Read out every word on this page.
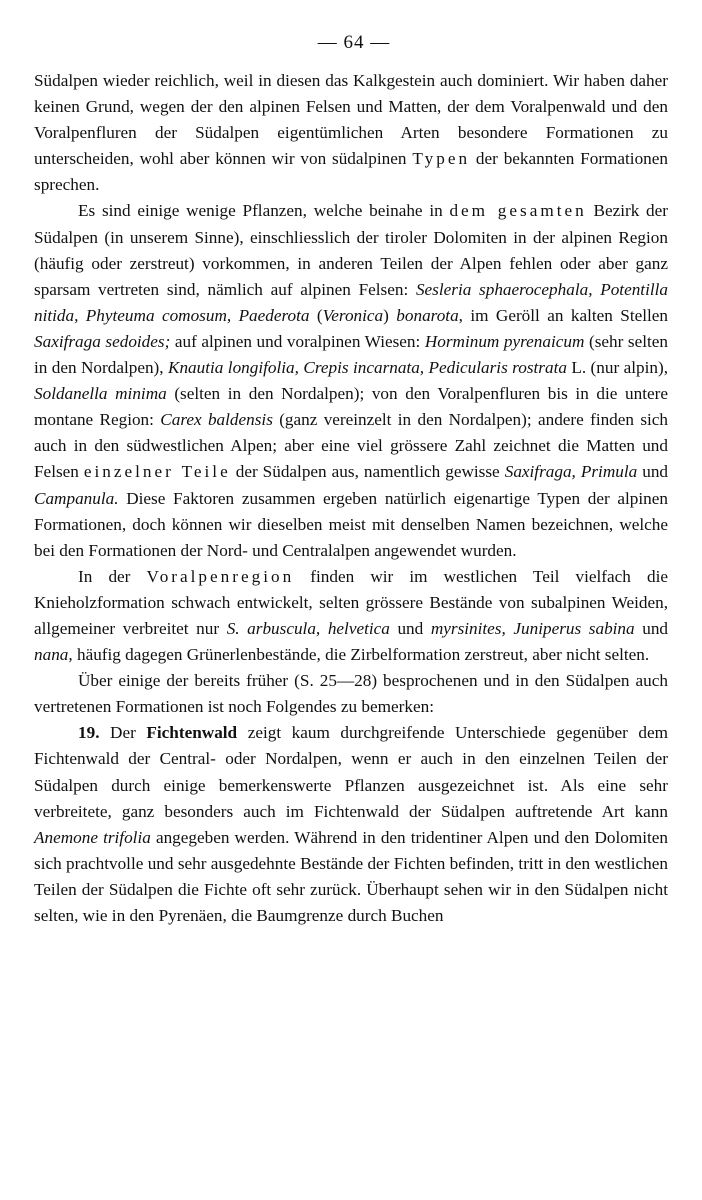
— 64 —

Südalpen wieder reichlich, weil in diesen das Kalkgestein auch dominiert. Wir haben daher keinen Grund, wegen der den alpinen Felsen und Matten, der dem Voralpenwald und den Voralpenfluren der Südalpen eigentümlichen Arten besondere Formationen zu unterscheiden, wohl aber können wir von südalpinen Typen der bekannten Formationen sprechen.

Es sind einige wenige Pflanzen, welche beinahe in dem gesamten Bezirk der Südalpen (in unserem Sinne), einschliesslich der tiroler Dolomiten in der alpinen Region (häufig oder zerstreut) vorkommen, in anderen Teilen der Alpen fehlen oder aber ganz sparsam vertreten sind, nämlich auf alpinen Felsen: Sesleria sphaerocephala, Potentilla nitida, Phyteuma comosum, Paederota (Veronica) bonarota, im Geröll an kalten Stellen Saxifraga sedoides; auf alpinen und voralpinen Wiesen: Horminum pyrenaicum (sehr selten in den Nordalpen), Knautia longifolia, Crepis incarnata, Pedicularis rostrata L. (nur alpin), Soldanella minima (selten in den Nordalpen); von den Voralpenfluren bis in die untere montane Region: Carex baldensis (ganz vereinzelt in den Nordalpen); andere finden sich auch in den südwestlichen Alpen; aber eine viel grössere Zahl zeichnet die Matten und Felsen einzelner Teile der Südalpen aus, namentlich gewisse Saxifraga, Primula und Campanula. Diese Faktoren zusammen ergeben natürlich eigenartige Typen der alpinen Formationen, doch können wir dieselben meist mit denselben Namen bezeichnen, welche bei den Formationen der Nord- und Centralalpen angewendet wurden.

In der Voralpenregion finden wir im westlichen Teil vielfach die Knieholzformation schwach entwickelt, selten grössere Bestände von subalpinen Weiden, allgemeiner verbreitet nur S. arbuscula, helvetica und myrsinites, Juniperus sabina und nana, häufig dagegen Grünerlenbestände, die Zirbelformation zerstreut, aber nicht selten.

Über einige der bereits früher (S. 25—28) besprochenen und in den Südalpen auch vertretenen Formationen ist noch Folgendes zu bemerken:

19. Der Fichtenwald zeigt kaum durchgreifende Unterschiede gegenüber dem Fichtenwald der Central- oder Nordalpen, wenn er auch in den einzelnen Teilen der Südalpen durch einige bemerkenswerte Pflanzen ausgezeichnet ist. Als eine sehr verbreitete, ganz besonders auch im Fichtenwald der Südalpen auftretende Art kann Anemone trifolia angegeben werden. Während in den tridentiner Alpen und den Dolomiten sich prachtvolle und sehr ausgedehnte Bestände der Fichten befinden, tritt in den westlichen Teilen der Südalpen die Fichte oft sehr zurück. Überhaupt sehen wir in den Südalpen nicht selten, wie in den Pyrenäen, die Baumgrenze durch Buchen
